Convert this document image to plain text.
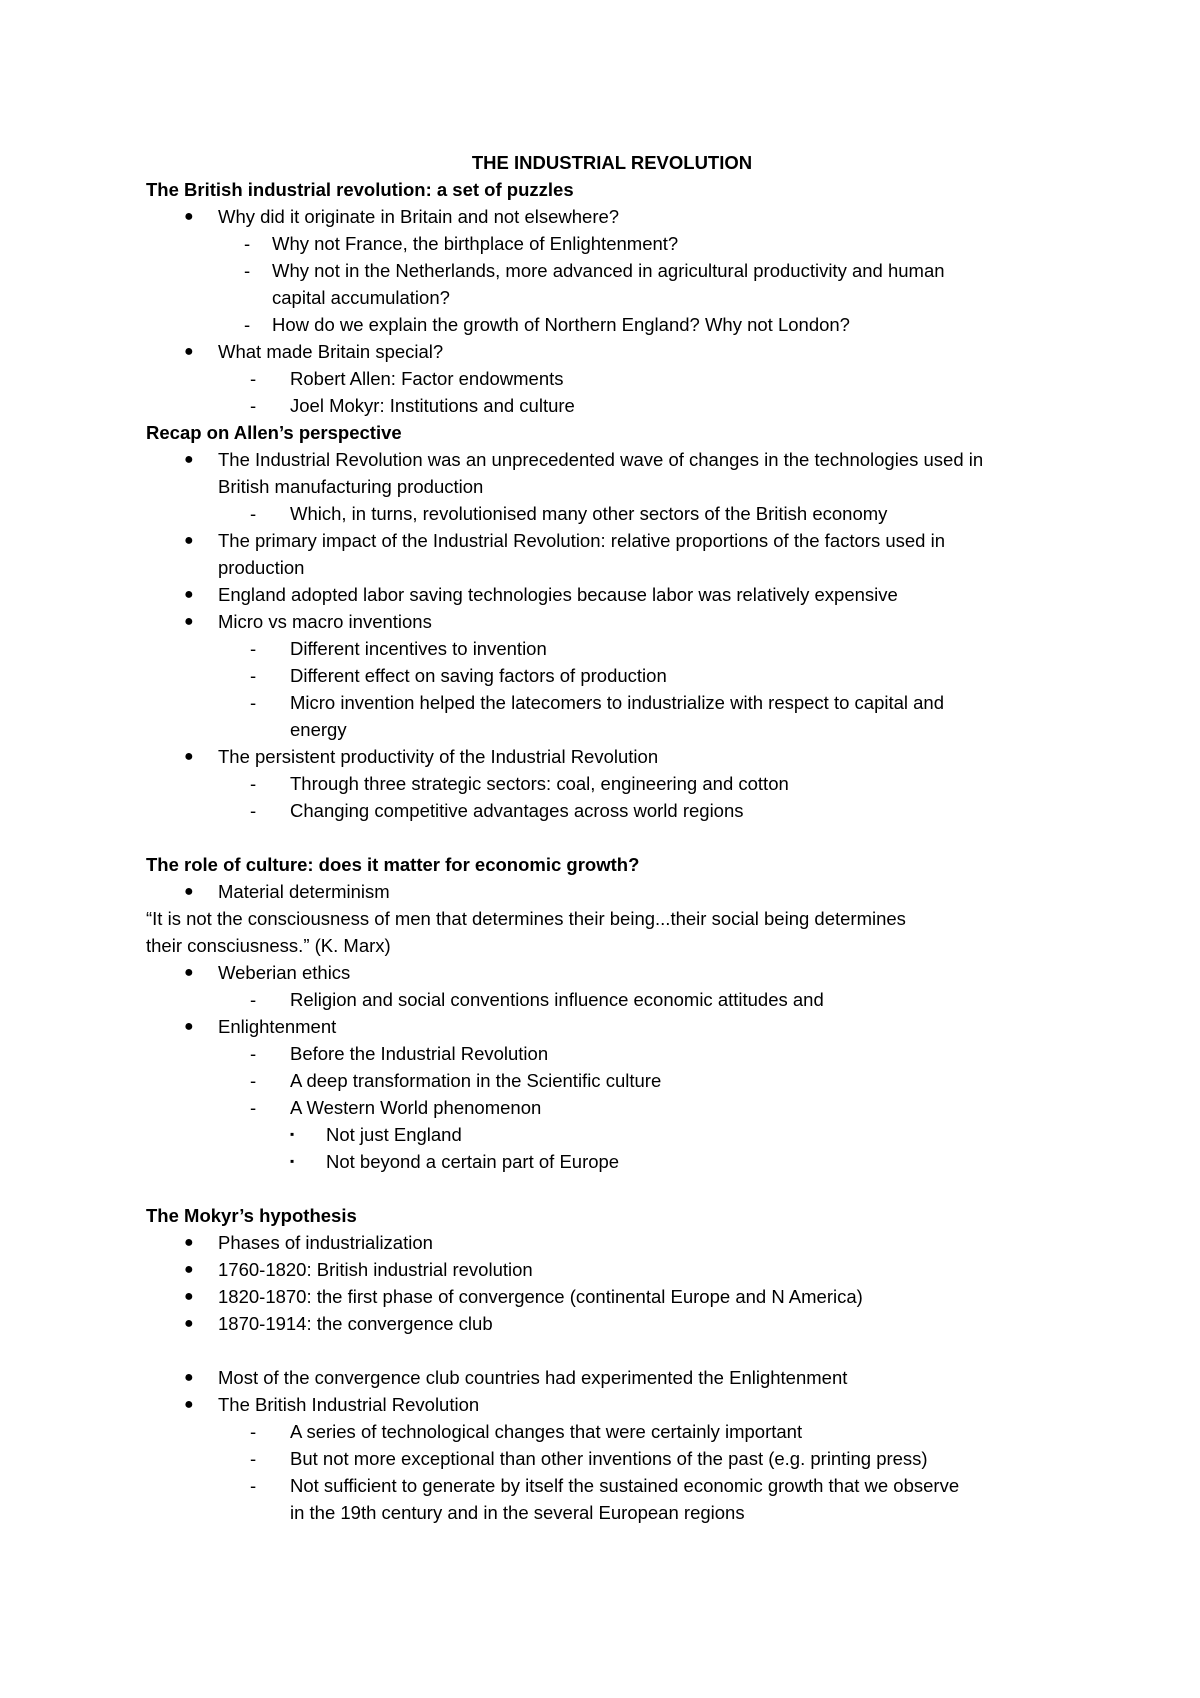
THE INDUSTRIAL REVOLUTION
The British industrial revolution: a set of puzzles
● Why did it originate in Britain and not elsewhere?
- Why not France, the birthplace of Enlightenment?
- Why not in the Netherlands, more advanced in agricultural productivity and human
capital accumulation?
- How do we explain the growth of Northern England? Why not London?
● What made Britain special?
- Robert Allen: Factor endowments
- Joel Mokyr: Institutions and culture
Recap on Allen’s perspective
● The Industrial Revolution was an unprecedented wave of changes in the technologies used in
British manufacturing production
- Which, in turns, revolutionised many other sectors of the British economy
● The primary impact of the Industrial Revolution: relative proportions of the factors used in
production
● England adopted labor saving technologies because labor was relatively expensive
● Micro vs macro inventions
- Different incentives to invention
- Different effect on saving factors of production
- Micro invention helped the latecomers to industrialize with respect to capital and
energy
● The persistent productivity of the Industrial Revolution
- Through three strategic sectors: coal, engineering and cotton
- Changing competitive advantages across world regions
The role of culture: does it matter for economic growth?
● Material determinism
“It is not the consciousness of men that determines their being...their social being determines
their consciusness.” (K. Marx)
● Weberian ethics
- Religion and social conventions influence economic attitudes and
● Enlightenment
- Before the Industrial Revolution
- A deep transformation in the Scientific culture
- A Western World phenomenon
▪ Not just England
▪ Not beyond a certain part of Europe
The Mokyr’s hypothesis
● Phases of industrialization
● 1760-1820: British industrial revolution
● 1820-1870: the first phase of convergence (continental Europe and N America)
● 1870-1914: the convergence club
● Most of the convergence club countries had experimented the Enlightenment
● The British Industrial Revolution
- A series of technological changes that were certainly important
- But not more exceptional than other inventions of the past (e.g. printing press)
- Not sufficient to generate by itself the sustained economic growth that we observe
in the 19th century and in the several European regions
